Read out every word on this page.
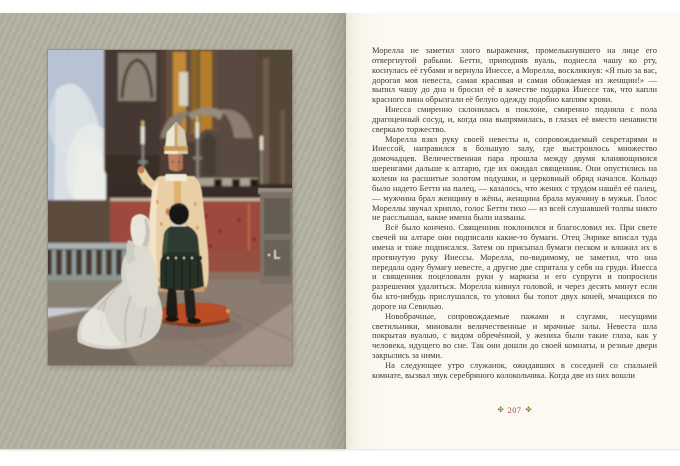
Морелла не заметил злого выражения, промелькнувшего на лице его отвергнутой рабыни. Бетти, приподняв вуаль, поднесла чашу ко рту, коснулась её губами и вернула Инессе, а Морелла, воскликнув: «Я пью за вас, дорогая моя невеста, самая красивая и самая обожаемая из женщин!» — выпил чашу до дна и бросил её в качестве подарка Инессе так, что капли красного вина обрызгали её белую одежду подобно каплям крови.

Инесса смиренно склонилась в поклоне, смиренно подняла с пола драгоценный сосуд, и, когда она выпрямилась, в глазах её вместо ненависти сверкало торжество.

Морелла взял руку своей невесты и, сопровождаемый секретарями и Инессой, направился в большую залу, где выстроилось множество домочадцев. Величественная пара прошла между двумя кланяющимися шеренгами дальше к алтарю, где их ожидал священник. Они опустились на колени на расшитые золотом подушки, и церковный обряд начался. Кольцо было надето Бетти на палец, — казалось, что жених с трудом нашёл её палец, — мужчина брал женщину в жёны, женщина брала мужчину в мужья. Голос Мореллы звучал хрипло, голос Бетти тихо — из всей слушавшей толпы никто не расслышал, какие имена были названы.

Всё было кончено. Священник поклонился и благословил их. При свете свечей на алтаре они подписали какие-то бумаги. Отец Энрике вписал туда имена и тоже подписался. Затем он присыпал бумаги песком и вложил их в протянутую руку Инессы. Морелла, по-видимому, не заметил, что она передала одну бумагу невесте, а другие две спрятала у себя на груди. Инесса и священник поцеловали руки у маркиза и его супруги и попросили разрешения удалиться. Морелла кивнул головой, и через десять минут если бы кто-нибудь прислушался, то уловил бы топот двух коней, мчащихся по дороге на Севилью.

Новобрачные, сопровождаемые пажами и слугами, несущими светильники, миновали величественные и мрачные залы. Невеста шла покрытая вуалью, с видом обречённой, у жениха были такие глаза, как у человека, идущего во сне. Так они дошли до своей комнаты, и резные двери закрылись за ними.

На следующее утро служанок, ожидавших в соседней со спальней комнате, вызвал звук серебряного колокольчика. Когда две из них вошли

✤ 207 ✤
